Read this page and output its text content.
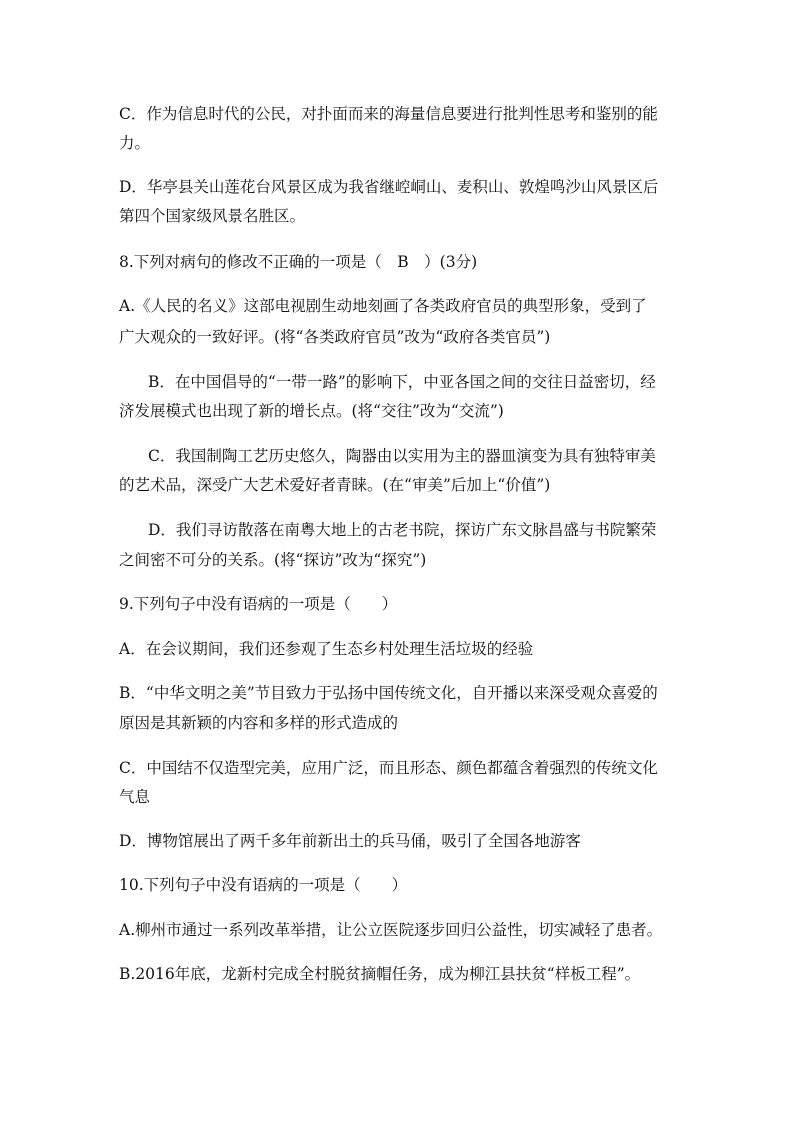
C．作为信息时代的公民，对扑面而来的海量信息要进行批判性思考和鉴别的能

力。

D．华亭县关山莲花台风景区成为我省继崆峒山、麦积山、敦煌鸣沙山风景区后

第四个国家级风景名胜区。

8.下列对病句的修改不正确的一项是（　B　）(3分)

A.《人民的名义》这部电视剧生动地刻画了各类政府官员的典型形象，受到了

广大观众的一致好评。(将“各类政府官员”改为“政府各类官员”)

B．在中国倡导的“一带一路”的影响下，中亚各国之间的交往日益密切，经

济发展模式也出现了新的增长点。(将“交往”改为“交流”)

C．我国制陶工艺历史悠久，陶器由以实用为主的器皿演变为具有独特审美

的艺术品，深受广大艺术爱好者青睐。(在“审美”后加上“价值”)

D．我们寻访散落在南粤大地上的古老书院，探访广东文脉昌盛与书院繁荣

之间密不可分的关系。(将“探访”改为“探究”)

9.下列句子中没有语病的一项是（　　）

A．在会议期间，我们还参观了生态乡村处理生活垃圾的经验

B．“中华文明之美”节目致力于弘扬中国传统文化，自开播以来深受观众喜爱的

原因是其新颖的内容和多样的形式造成的

C．中国结不仅造型完美，应用广泛，而且形态、颜色都蕴含着强烈的传统文化

气息

D．博物馆展出了两千多年前新出土的兵马俑，吸引了全国各地游客

10.下列句子中没有语病的一项是（　　）

A.柳州市通过一系列改革举措，让公立医院逐步回归公益性，切实减轻了患者。

B.2016年底，龙新村完成全村脱贫摘帽任务，成为柳江县扶贫“样板工程”。
